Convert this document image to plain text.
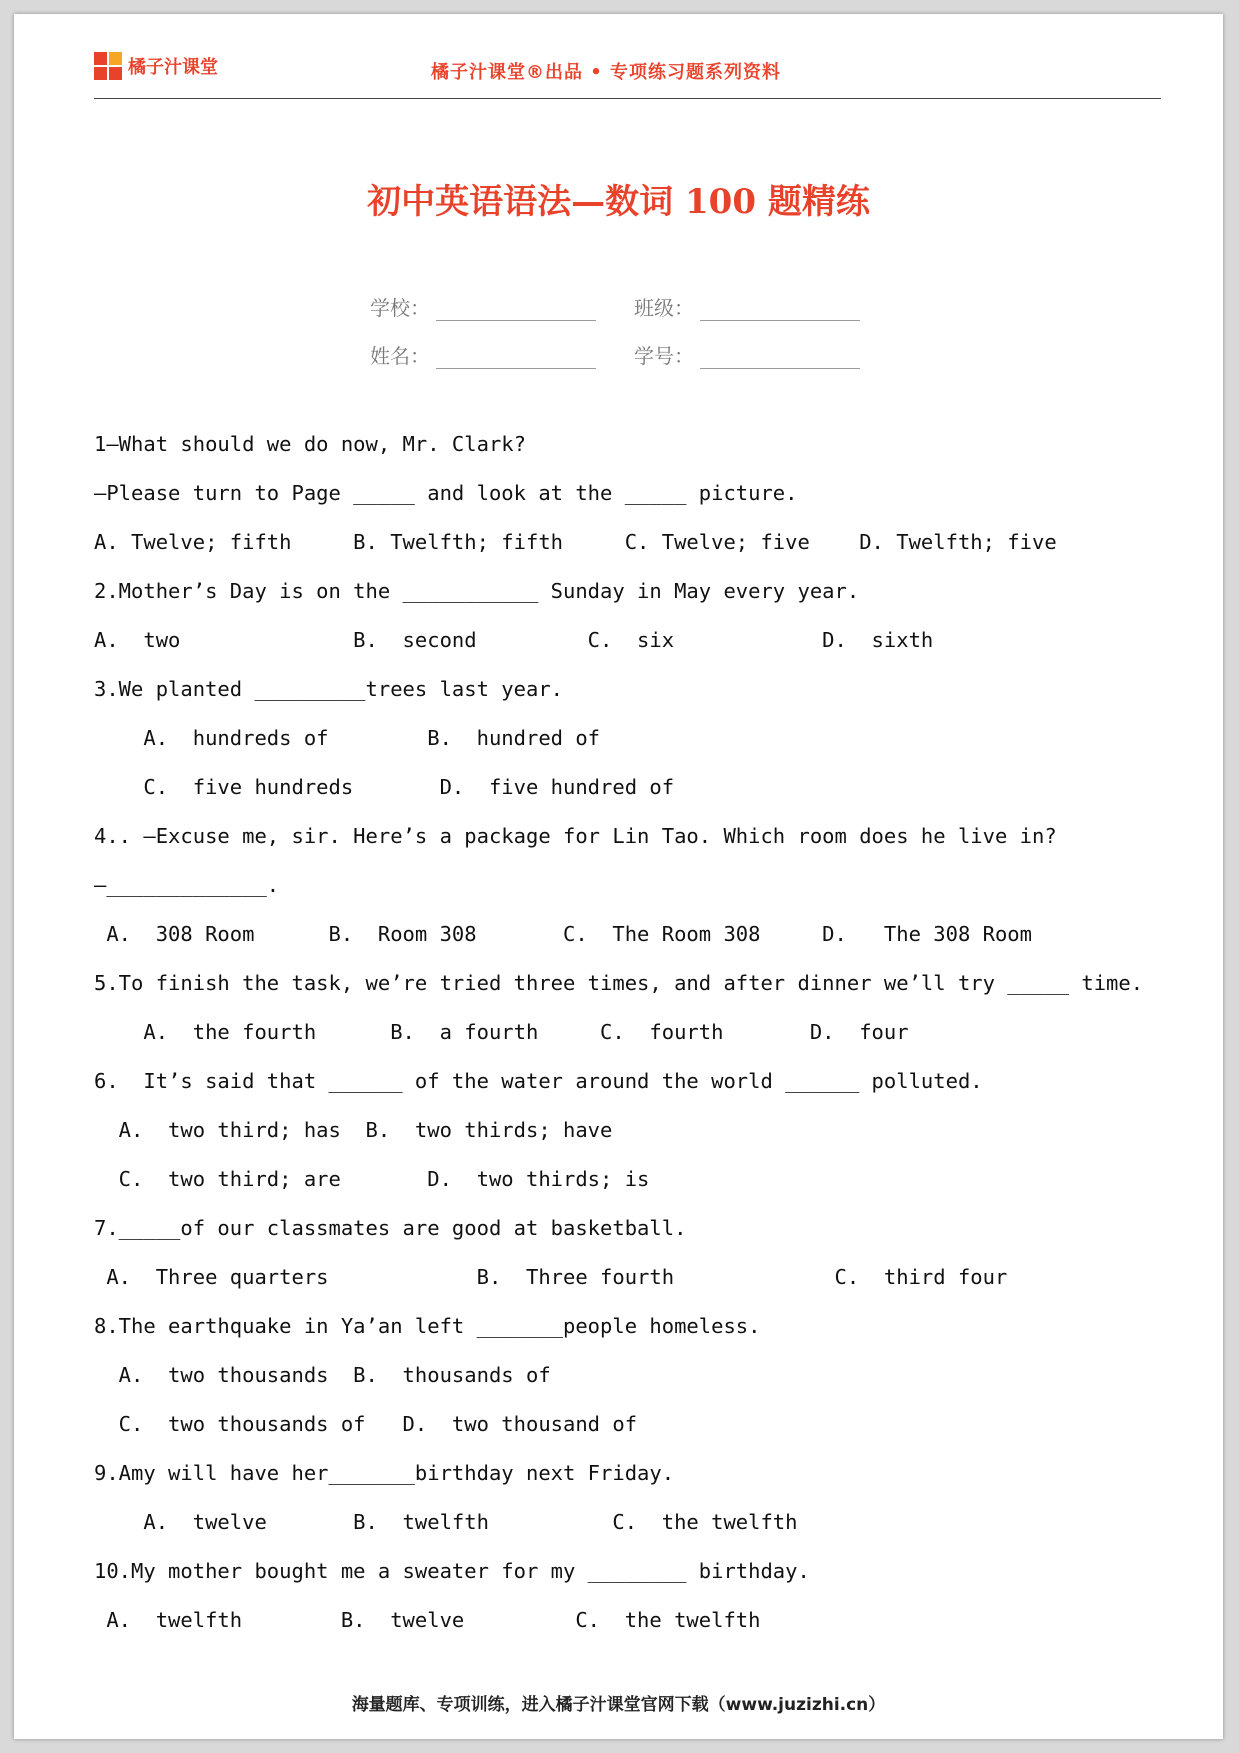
橘子汁课堂	橘子汁课堂®出品 • 专项练习题系列资料
初中英语语法—数词 100 题精练
学校：	班级：
姓名：	学号：
1—What should we do now, Mr. Clark?
—Please turn to Page _____ and look at the _____ picture.
A. Twelve; fifth     B. Twelfth; fifth     C. Twelve; five    D. Twelfth; five
2.Mother’s Day is on the ___________ Sunday in May every year.
A.  two              B.  second         C.  six            D.  sixth
3.We planted _________trees last year.
A.  hundreds of        B.  hundred of
C.  five hundreds       D.  five hundred of
4.. —Excuse me, sir. Here’s a package for Lin Tao. Which room does he live in?
—_____________.
A.  308 Room      B.  Room 308       C.  The Room 308     D.   The 308 Room
5.To finish the task, we’re tried three times, and after dinner we’ll try _____ time.
A.  the fourth      B.  a fourth     C.  fourth       D.  four
6.  It’s said that ______ of the water around the world ______ polluted.
A.  two third; has  B.  two thirds; have
C.  two third; are       D.  two thirds; is
7._____of our classmates are good at basketball.
A.  Three quarters            B.  Three fourth             C.  third four
8.The earthquake in Ya’an left _______people homeless.
A.  two thousands  B.  thousands of
C.  two thousands of   D.  two thousand of
9.Amy will have her_______birthday next Friday.
A.  twelve       B.  twelfth          C.  the twelfth
10.My mother bought me a sweater for my ________ birthday.
A.  twelfth        B.  twelve         C.  the twelfth
海量题库、专项训练，进入橘子汁课堂官网下载（www.juzizhi.cn）
